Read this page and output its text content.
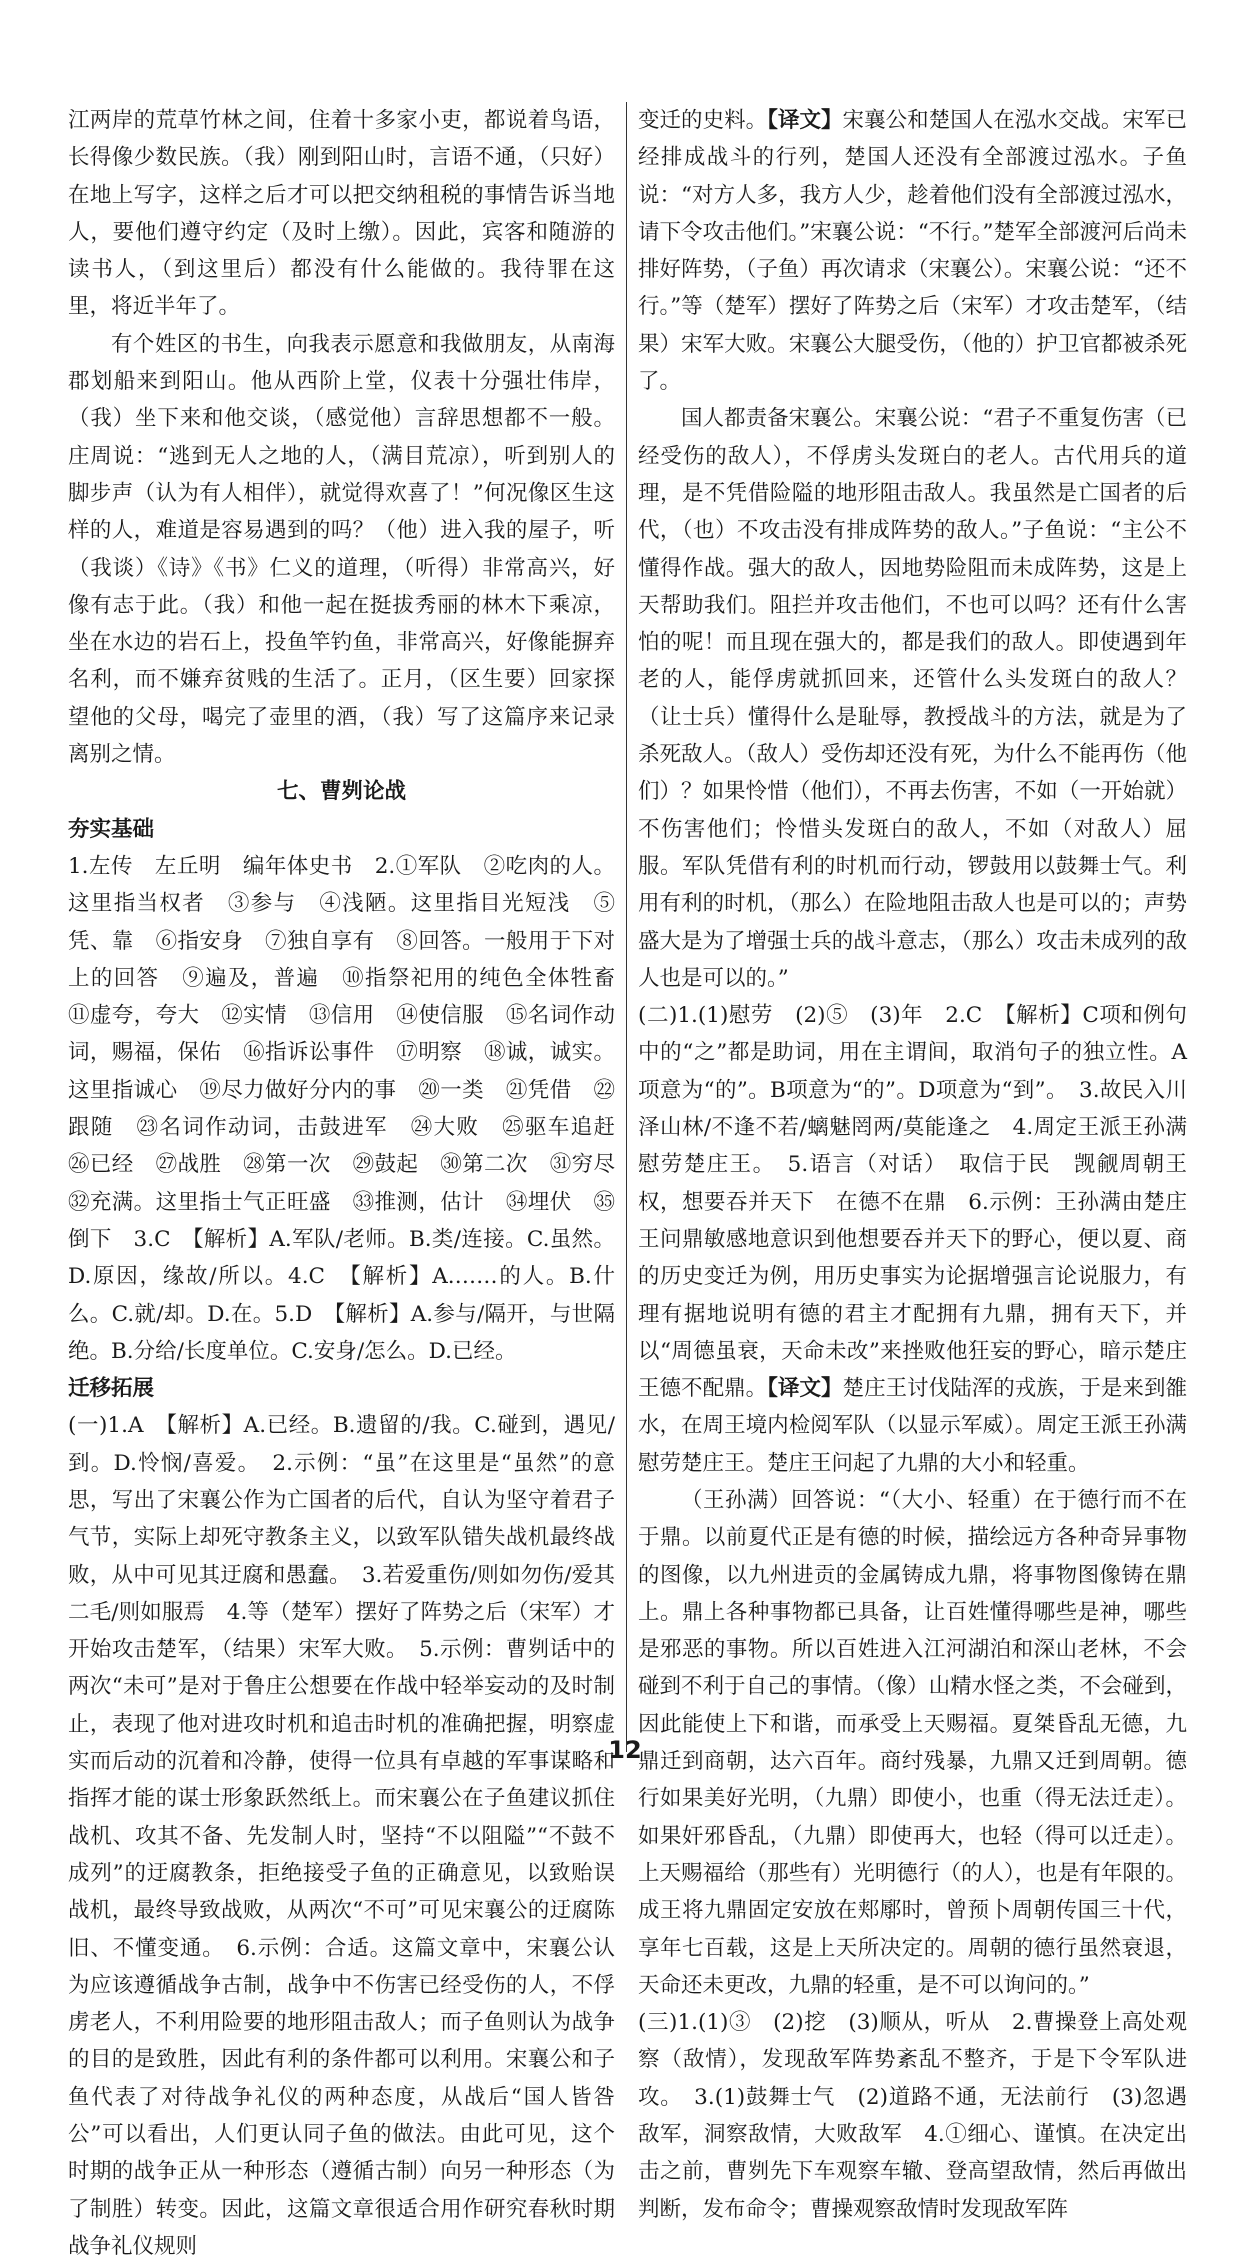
江两岸的荒草竹林之间，住着十多家小吏，都说着鸟语，长得像少数民族。（我）刚到阳山时，言语不通，（只好）在地上写字，这样之后才可以把交纳租税的事情告诉当地人，要他们遵守约定（及时上缴）。因此，宾客和随游的读书人，（到这里后）都没有什么能做的。我待罪在这里，将近半年了。

有个姓区的书生，向我表示愿意和我做朋友，从南海郡划船来到阳山。他从西阶上堂，仪表十分强壮伟岸，（我）坐下来和他交谈，（感觉他）言辞思想都不一般。庄周说：“逃到无人之地的人，（满目荒凉），听到别人的脚步声（认为有人相伴），就觉得欢喜了！”何况像区生这样的人，难道是容易遇到的吗？（他）进入我的屋子，听（我谈）《诗》《书》仁义的道理，（听得）非常高兴，好像有志于此。（我）和他一起在挺拔秀丽的林木下乘凉，坐在水边的岩石上，投鱼竿钓鱼，非常高兴，好像能摒弃名利，而不嫌弃贫贱的生活了。正月，（区生要）回家探望他的父母，喝完了壶里的酒，（我）写了这篇序来记录离别之情。

七、曹刿论战

夯实基础

1.左传　左丘明　编年体史书　2.①军队　②吃肉的人。这里指当权者　③参与　④浅陋。这里指目光短浅　⑤凭、靠　⑥指安身　⑦独自享有　⑧回答。一般用于下对上的回答　⑨遍及，普遍　⑩指祭祀用的纯色全体牲畜　⑪虚夸，夸大　⑫实情　⑬信用　⑭使信服　⑮名词作动词，赐福，保佑　⑯指诉讼事件　⑰明察　⑱诚，诚实。这里指诚心　⑲尽力做好分内的事　⑳一类　㉑凭借　㉒跟随　㉓名词作动词，击鼓进军　㉔大败　㉕驱车追赶　㉖已经　㉗战胜　㉘第一次　㉙鼓起　㉚第二次　㉛穷尽　㉜充满。这里指士气正旺盛　㉝推测，估计　㉞埋伏　㉟倒下　3.C　【解析】A.军队/老师。B.类/连接。C.虽然。D.原因，缘故/所以。4.C　【解析】A.……的人。B.什么。C.就/却。D.在。5.D　【解析】A.参与/隔开，与世隔绝。B.分给/长度单位。C.安身/怎么。D.已经。

迁移拓展

(一)1.A　【解析】A.已经。B.遗留的/我。C.碰到，遇见/到。D.怜悯/喜爱。　2.示例：“虽”在这里是“虽然”的意思，写出了宋襄公作为亡国者的后代，自认为坚守着君子气节，实际上却死守教条主义，以致军队错失战机最终战败，从中可见其迂腐和愚蠢。　3.若爱重伤/则如勿伤/爱其二毛/则如服焉　4.等（楚军）摆好了阵势之后（宋军）才开始攻击楚军，（结果）宋军大败。　5.示例：曹刿话中的两次“未可”是对于鲁庄公想要在作战中轻举妄动的及时制止，表现了他对进攻时机和追击时机的准确把握，明察虚实而后动的沉着和冷静，使得一位具有卓越的军事谋略和指挥才能的谋士形象跃然纸上。而宋襄公在子鱼建议抓住战机、攻其不备、先发制人时，坚持“不以阻隘”“不鼓不成列”的迂腐教条，拒绝接受子鱼的正确意见，以致贻误战机，最终导致战败，从两次“不可”可见宋襄公的迂腐陈旧、不懂变通。　6.示例：合适。这篇文章中，宋襄公认为应该遵循战争古制，战争中不伤害已经受伤的人，不俘虏老人，不利用险要的地形阻击敌人；而子鱼则认为战争的目的是致胜，因此有利的条件都可以利用。宋襄公和子鱼代表了对待战争礼仪的两种态度，从战后“国人皆咎公”可以看出，人们更认同子鱼的做法。由此可见，这个时期的战争正从一种形态（遵循古制）向另一种形态（为了制胜）转变。因此，这篇文章很适合用作研究春秋时期战争礼仪规则

变迁的史料。【译文】宋襄公和楚国人在泓水交战。宋军已经排成战斗的行列，楚国人还没有全部渡过泓水。子鱼说：“对方人多，我方人少，趁着他们没有全部渡过泓水，请下令攻击他们。”宋襄公说：“不行。”楚军全部渡河后尚未排好阵势，（子鱼）再次请求（宋襄公）。宋襄公说：“还不行。”等（楚军）摆好了阵势之后（宋军）才攻击楚军，（结果）宋军大败。宋襄公大腿受伤，（他的）护卫官都被杀死了。

国人都责备宋襄公。宋襄公说：“君子不重复伤害（已经受伤的敌人），不俘虏头发斑白的老人。古代用兵的道理，是不凭借险隘的地形阻击敌人。我虽然是亡国者的后代，（也）不攻击没有排成阵势的敌人。”子鱼说：“主公不懂得作战。强大的敌人，因地势险阻而未成阵势，这是上天帮助我们。阻拦并攻击他们，不也可以吗？还有什么害怕的呢！而且现在强大的，都是我们的敌人。即使遇到年老的人，能俘虏就抓回来，还管什么头发斑白的敌人？（让士兵）懂得什么是耻辱，教授战斗的方法，就是为了杀死敌人。（敌人）受伤却还没有死，为什么不能再伤（他们）？如果怜惜（他们），不再去伤害，不如（一开始就）不伤害他们；怜惜头发斑白的敌人，不如（对敌人）屈服。军队凭借有利的时机而行动，锣鼓用以鼓舞士气。利用有利的时机，（那么）在险地阻击敌人也是可以的；声势盛大是为了增强士兵的战斗意志，（那么）攻击未成列的敌人也是可以的。”

(二)1.(1)慰劳　(2)⑤　(3)年　2.C　【解析】C项和例句中的“之”都是助词，用在主谓间，取消句子的独立性。A项意为“的”。B项意为“的”。D项意为“到”。　3.故民入川泽山林/不逢不若/螭魅罔两/莫能逢之　4.周定王派王孙满慰劳楚庄王。　5.语言（对话）　取信于民　觊觎周朝王权，想要吞并天下　在德不在鼎　6.示例：王孙满由楚庄王问鼎敏感地意识到他想要吞并天下的野心，便以夏、商的历史变迁为例，用历史事实为论据增强言论说服力，有理有据地说明有德的君主才配拥有九鼎，拥有天下，并以“周德虽衰，天命未改”来挫败他狂妄的野心，暗示楚庄王德不配鼎。【译文】楚庄王讨伐陆浑的戎族，于是来到雒水，在周王境内检阅军队（以显示军威）。周定王派王孙满慰劳楚庄王。楚庄王问起了九鼎的大小和轻重。

（王孙满）回答说：“（大小、轻重）在于德行而不在于鼎。以前夏代正是有德的时候，描绘远方各种奇异事物的图像，以九州进贡的金属铸成九鼎，将事物图像铸在鼎上。鼎上各种事物都已具备，让百姓懂得哪些是神，哪些是邪恶的事物。所以百姓进入江河湖泊和深山老林，不会碰到不利于自己的事情。（像）山精水怪之类，不会碰到，因此能使上下和谐，而承受上天赐福。夏桀昏乱无德，九鼎迁到商朝，达六百年。商纣残暴，九鼎又迁到周朝。德行如果美好光明，（九鼎）即使小，也重（得无法迁走）。如果奸邪昏乱，（九鼎）即使再大，也轻（得可以迁走）。上天赐福给（那些有）光明德行（的人），也是有年限的。成王将九鼎固定安放在郏鄏时，曾预卜周朝传国三十代，享年七百载，这是上天所决定的。周朝的德行虽然衰退，天命还未更改，九鼎的轻重，是不可以询问的。”

(三)1.(1)③　(2)挖　(3)顺从，听从　2.曹操登上高处观察（敌情），发现敌军阵势紊乱不整齐，于是下令军队进攻。　3.(1)鼓舞士气　(2)道路不通，无法前行　(3)忽遇敌军，洞察敌情，大败敌军　4.①细心、谨慎。在决定出击之前，曹刿先下车观察车辙、登高望敌情，然后再做出判断，发布命令；曹操观察敌情时发现敌军阵

12
